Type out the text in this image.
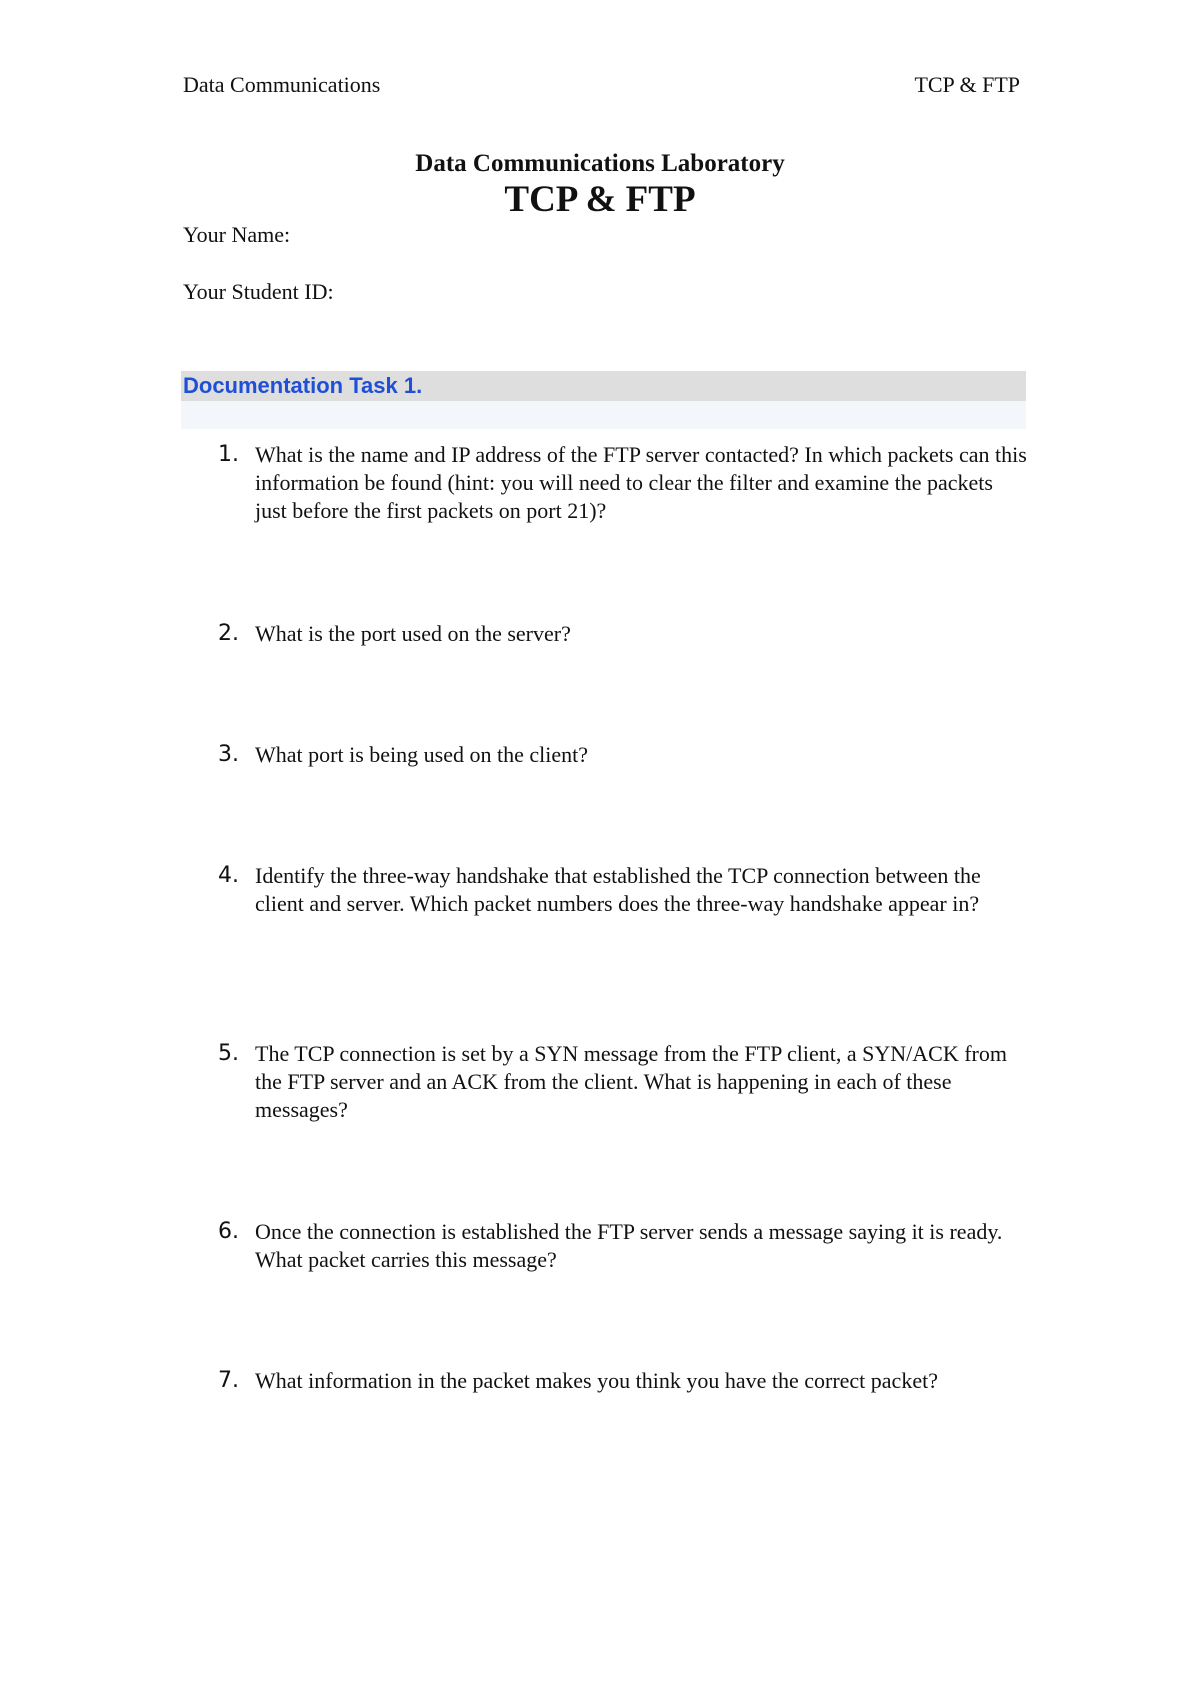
Data Communications	TCP & FTP
Data Communications Laboratory
TCP & FTP
Your Name:
Your Student ID:
Documentation Task 1.
1. What is the name and IP address of the FTP server contacted? In which packets can this information be found (hint: you will need to clear the filter and examine the packets just before the first packets on port 21)?
2. What is the port used on the server?
3. What port is being used on the client?
4. Identify the three-way handshake that established the TCP connection between the client and server. Which packet numbers does the three-way handshake appear in?
5. The TCP connection is set by a SYN message from the FTP client, a SYN/ACK from the FTP server and an ACK from the client. What is happening in each of these messages?
6. Once the connection is established the FTP server sends a message saying it is ready. What packet carries this message?
7. What information in the packet makes you think you have the correct packet?
